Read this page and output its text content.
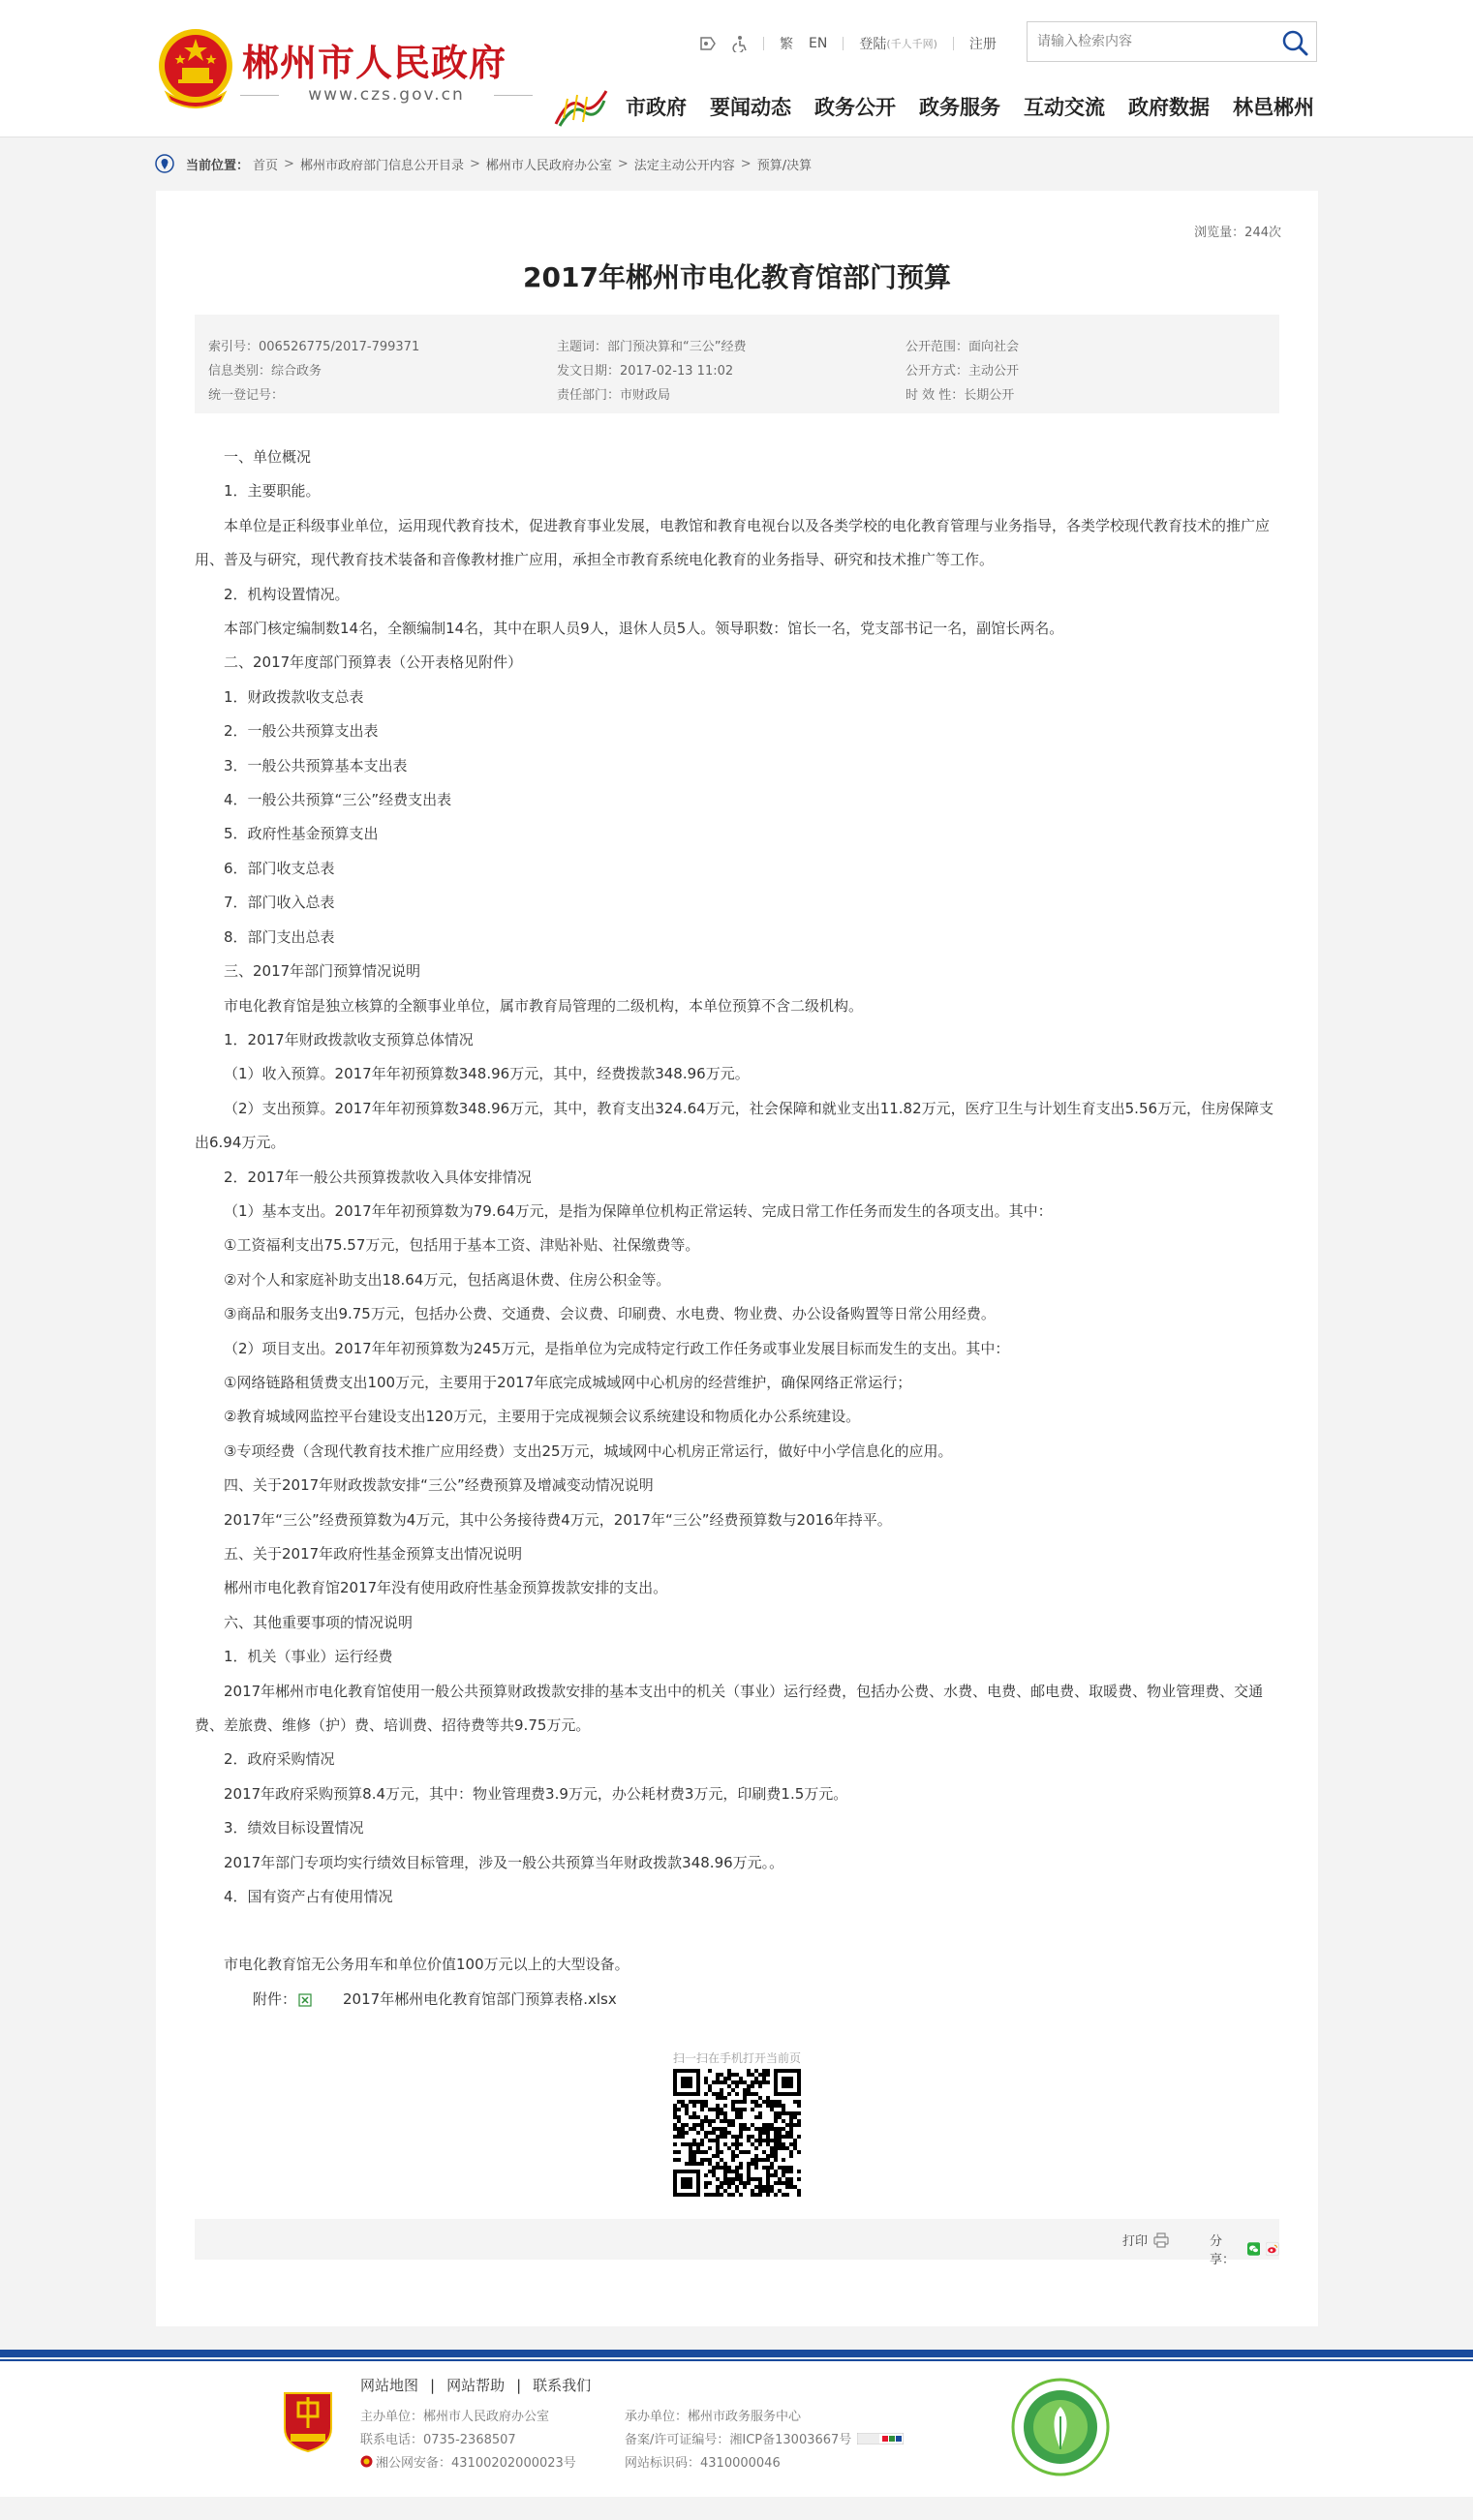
郴州市人民政府
www.czs.gov.cn
繁 EN 登陆 (千人千网) 注册
请输入检索内容
市政府 要闻动态 政务公开 政务服务 互动交流 政府数据 林邑郴州
当前位置： 首页 > 郴州市政府部门信息公开目录 > 郴州市人民政府办公室 > 法定主动公开内容 > 预算/决算
浏览量：244次
2017年郴州市电化教育馆部门预算
索引号：006526775/2017-799371
信息类别：综合政务
统一登记号：
主题词：部门预决算和“三公”经费
发文日期：2017-02-13 11:02
责任部门：市财政局
公开范围：面向社会
公开方式：主动公开
时 效 性：长期公开

一、单位概况

1．主要职能。

本单位是正科级事业单位，运用现代教育技术，促进教育事业发展，电教馆和教育电视台以及各类学校的电化教育管理与业务指导，各类学校现代教育技术的推广应用、普及与研究，现代教育技术装备和音像教材推广应用，承担全市教育系统电化教育的业务指导、研究和技术推广等工作。

2．机构设置情况。

本部门核定编制数14名，全额编制14名，其中在职人员9人，退休人员5人。领导职数：馆长一名，党支部书记一名，副馆长两名。

二、2017年度部门预算表（公开表格见附件）

1．财政拨款收支总表

2．一般公共预算支出表

3．一般公共预算基本支出表

4．一般公共预算“三公”经费支出表

5．政府性基金预算支出

6．部门收支总表

7．部门收入总表

8．部门支出总表

三、2017年部门预算情况说明

市电化教育馆是独立核算的全额事业单位，属市教育局管理的二级机构，本单位预算不含二级机构。

1．2017年财政拨款收支预算总体情况

（1）收入预算。2017年年初预算数348.96万元，其中，经费拨款348.96万元。

（2）支出预算。2017年年初预算数348.96万元，其中，教育支出324.64万元，社会保障和就业支出11.82万元，医疗卫生与计划生育支出5.56万元，住房保障支出6.94万元。

2．2017年一般公共预算拨款收入具体安排情况

（1）基本支出。2017年年初预算数为79.64万元，是指为保障单位机构正常运转、完成日常工作任务而发生的各项支出。其中：

①工资福利支出75.57万元，包括用于基本工资、津贴补贴、社保缴费等。

②对个人和家庭补助支出18.64万元，包括离退休费、住房公积金等。

③商品和服务支出9.75万元，包括办公费、交通费、会议费、印刷费、水电费、物业费、办公设备购置等日常公用经费。

（2）项目支出。2017年年初预算数为245万元，是指单位为完成特定行政工作任务或事业发展目标而发生的支出。其中：

①网络链路租赁费支出100万元，主要用于2017年底完成城域网中心机房的经营维护，确保网络正常运行；

②教育城域网监控平台建设支出120万元，主要用于完成视频会议系统建设和物质化办公系统建设。

③专项经费（含现代教育技术推广应用经费）支出25万元，城域网中心机房正常运行，做好中小学信息化的应用。

四、关于2017年财政拨款安排“三公”经费预算及增减变动情况说明

2017年“三公”经费预算数为4万元，其中公务接待费4万元，2017年“三公”经费预算数与2016年持平。

五、关于2017年政府性基金预算支出情况说明

郴州市电化教育馆2017年没有使用政府性基金预算拨款安排的支出。

六、其他重要事项的情况说明

1．机关（事业）运行经费

2017年郴州市电化教育馆使用一般公共预算财政拨款安排的基本支出中的机关（事业）运行经费，包括办公费、水费、电费、邮电费、取暖费、物业管理费、交通费、差旅费、维修（护）费、培训费、招待费等共9.75万元。

2．政府采购情况

2017年政府采购预算8.4万元，其中：物业管理费3.9万元，办公耗材费3万元，印刷费1.5万元。

3．绩效目标设置情况

2017年部门专项均实行绩效目标管理，涉及一般公共预算当年财政拨款348.96万元。。

4．国有资产占有使用情况

市电化教育馆无公务用车和单位价值100万元以上的大型设备。

附件：	2017年郴州电化教育馆部门预算表格.xlsx

扫一扫在手机打开当前页
打印	分享：
网站地图 | 网站帮助 | 联系我们
主办单位：郴州市人民政府办公室
联系电话：0735-2368507
湘公网安备：43100202000023号
承办单位：郴州市政务服务中心
备案/许可证编号：湘ICP备13003667号
网站标识码：4310000046
